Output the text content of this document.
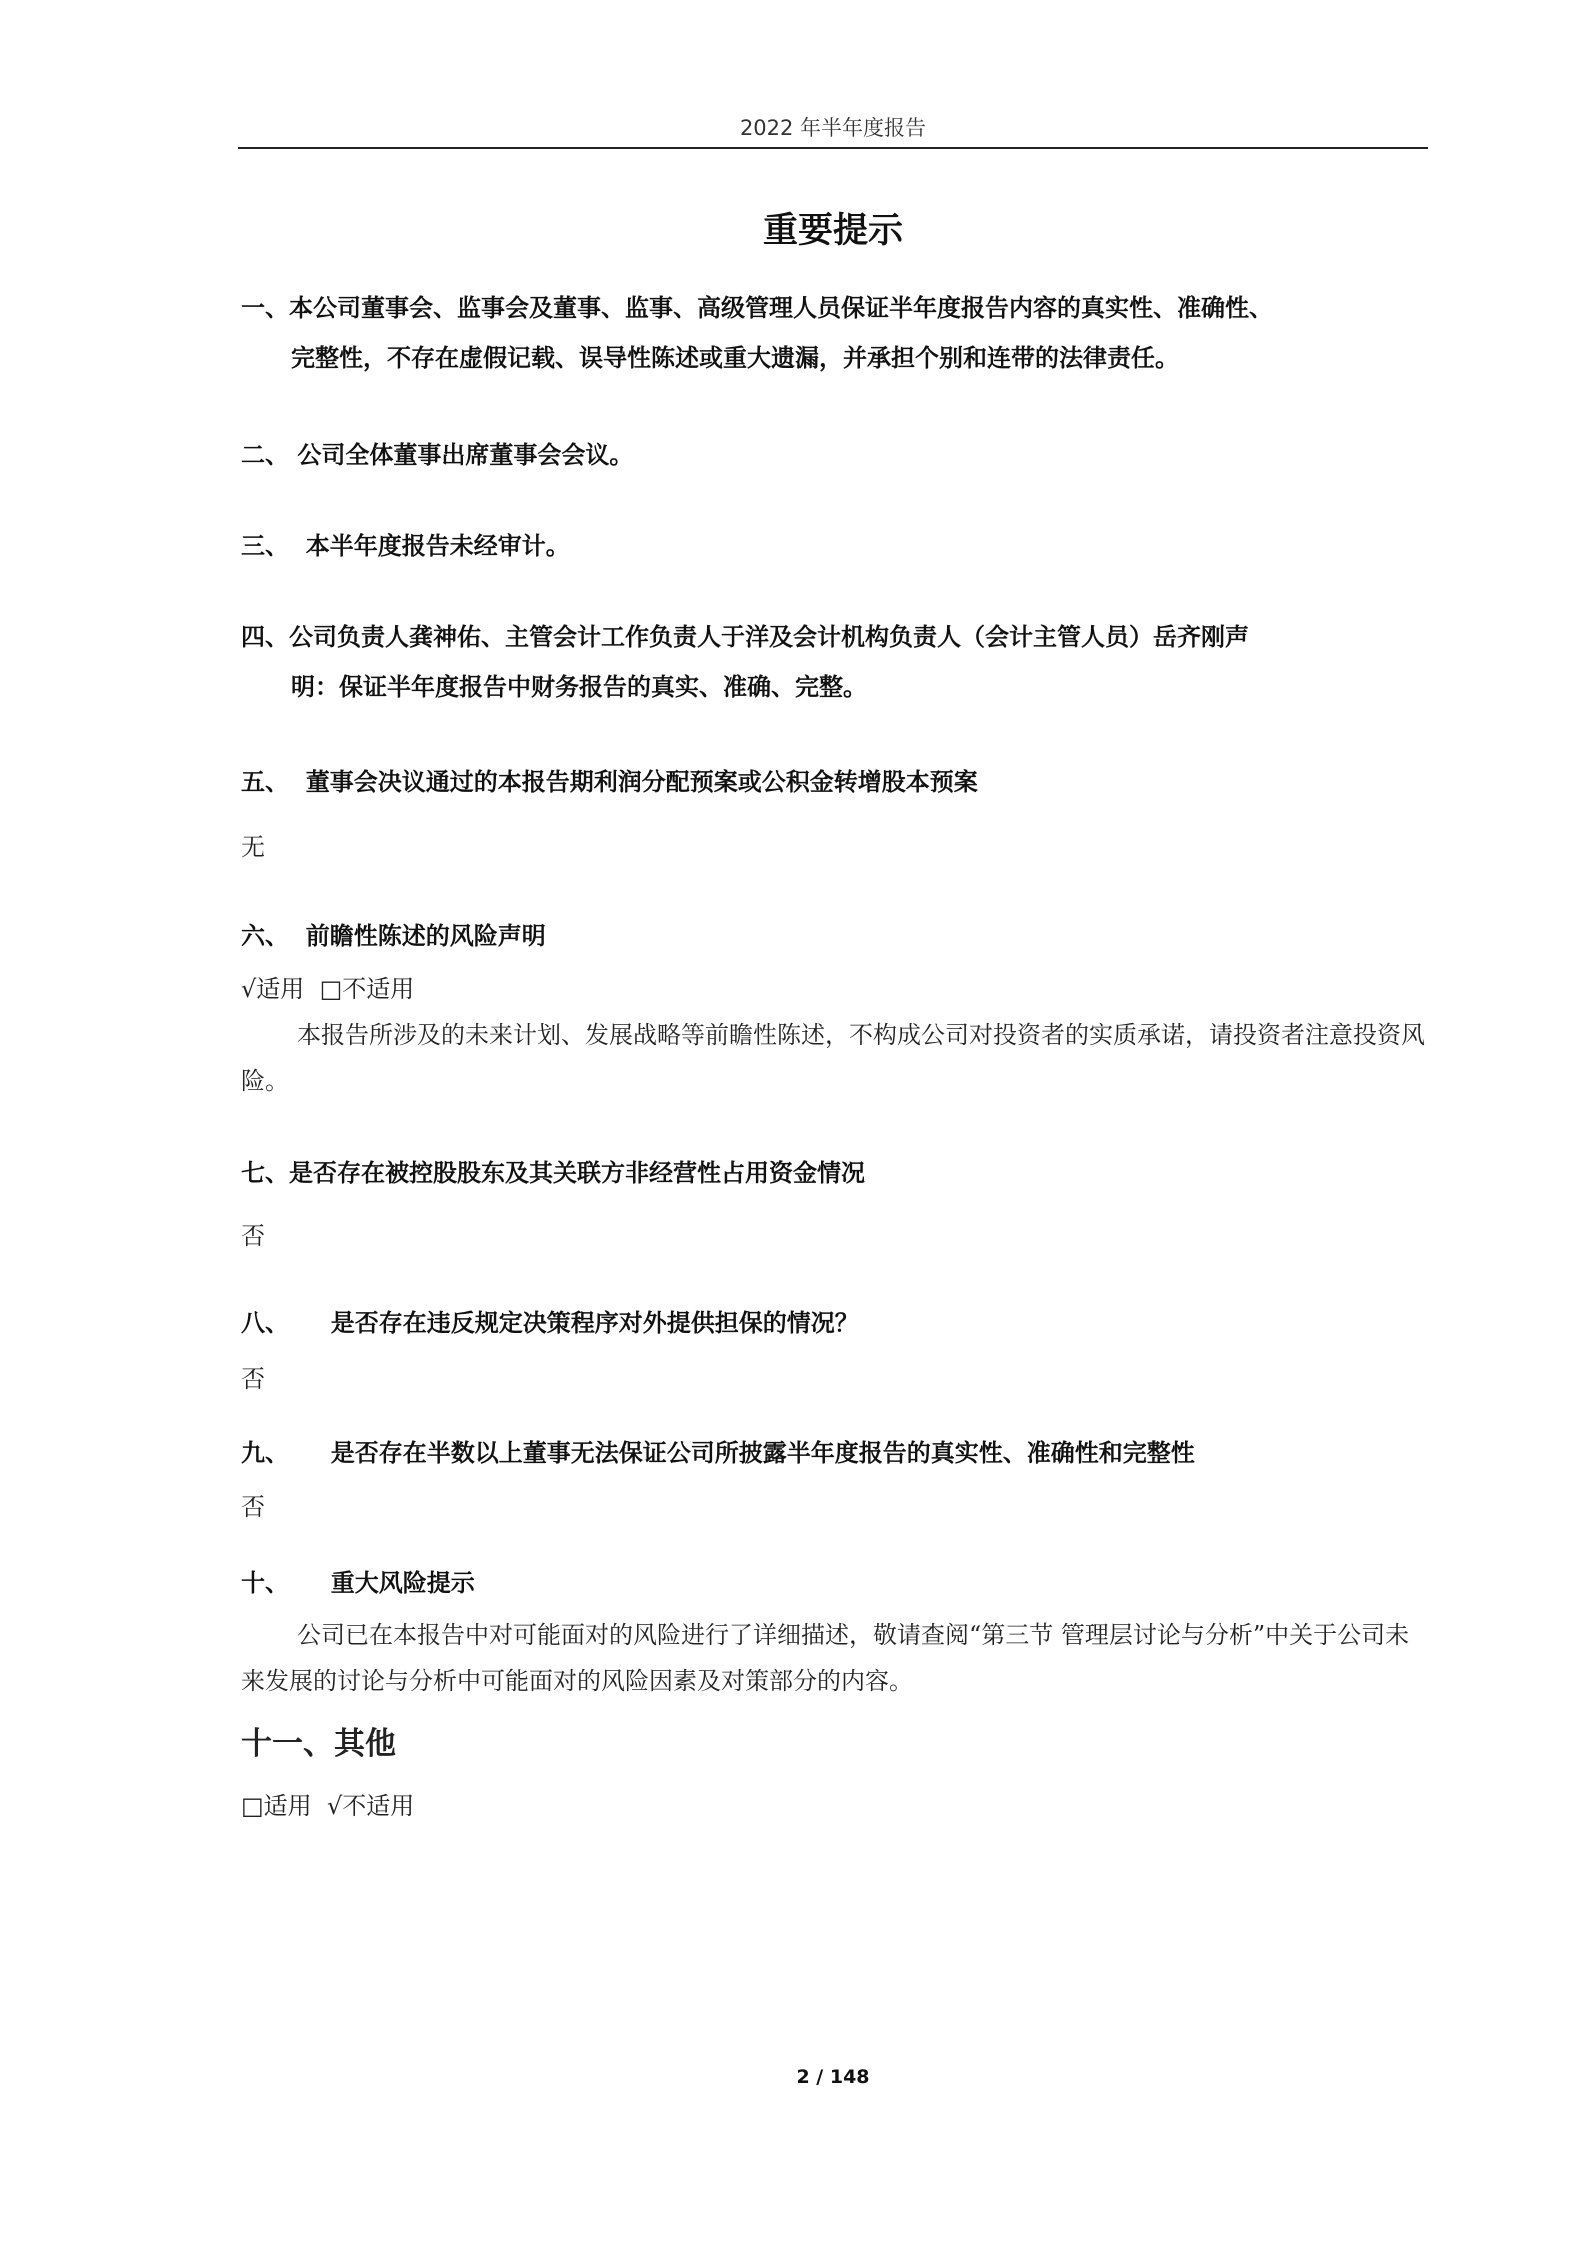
2022 年半年度报告
重要提示
一、本公司董事会、监事会及董事、监事、高级管理人员保证半年度报告内容的真实性、准确性、
完整性，不存在虚假记载、误导性陈述或重大遗漏，并承担个别和连带的法律责任。
二、 公司全体董事出席董事会会议。
三、 本半年度报告未经审计。
四、公司负责人龚神佑、主管会计工作负责人于洋及会计机构负责人（会计主管人员）岳齐刚声
明：保证半年度报告中财务报告的真实、准确、完整。
五、 董事会决议通过的本报告期利润分配预案或公积金转增股本预案
无
六、 前瞻性陈述的风险声明
√适用 □不适用
本报告所涉及的未来计划、发展战略等前瞻性陈述，不构成公司对投资者的实质承诺，请投资者注意投资风险。
七、是否存在被控股股东及其关联方非经营性占用资金情况
否
八、 是否存在违反规定决策程序对外提供担保的情况？
否
九、 是否存在半数以上董事无法保证公司所披露半年度报告的真实性、准确性和完整性
否
十、 重大风险提示
公司已在本报告中对可能面对的风险进行了详细描述，敬请查阅“第三节 管理层讨论与分析”中关于公司未来发展的讨论与分析中可能面对的风险因素及对策部分的内容。
十一、其他
□适用 √不适用
2 / 148
